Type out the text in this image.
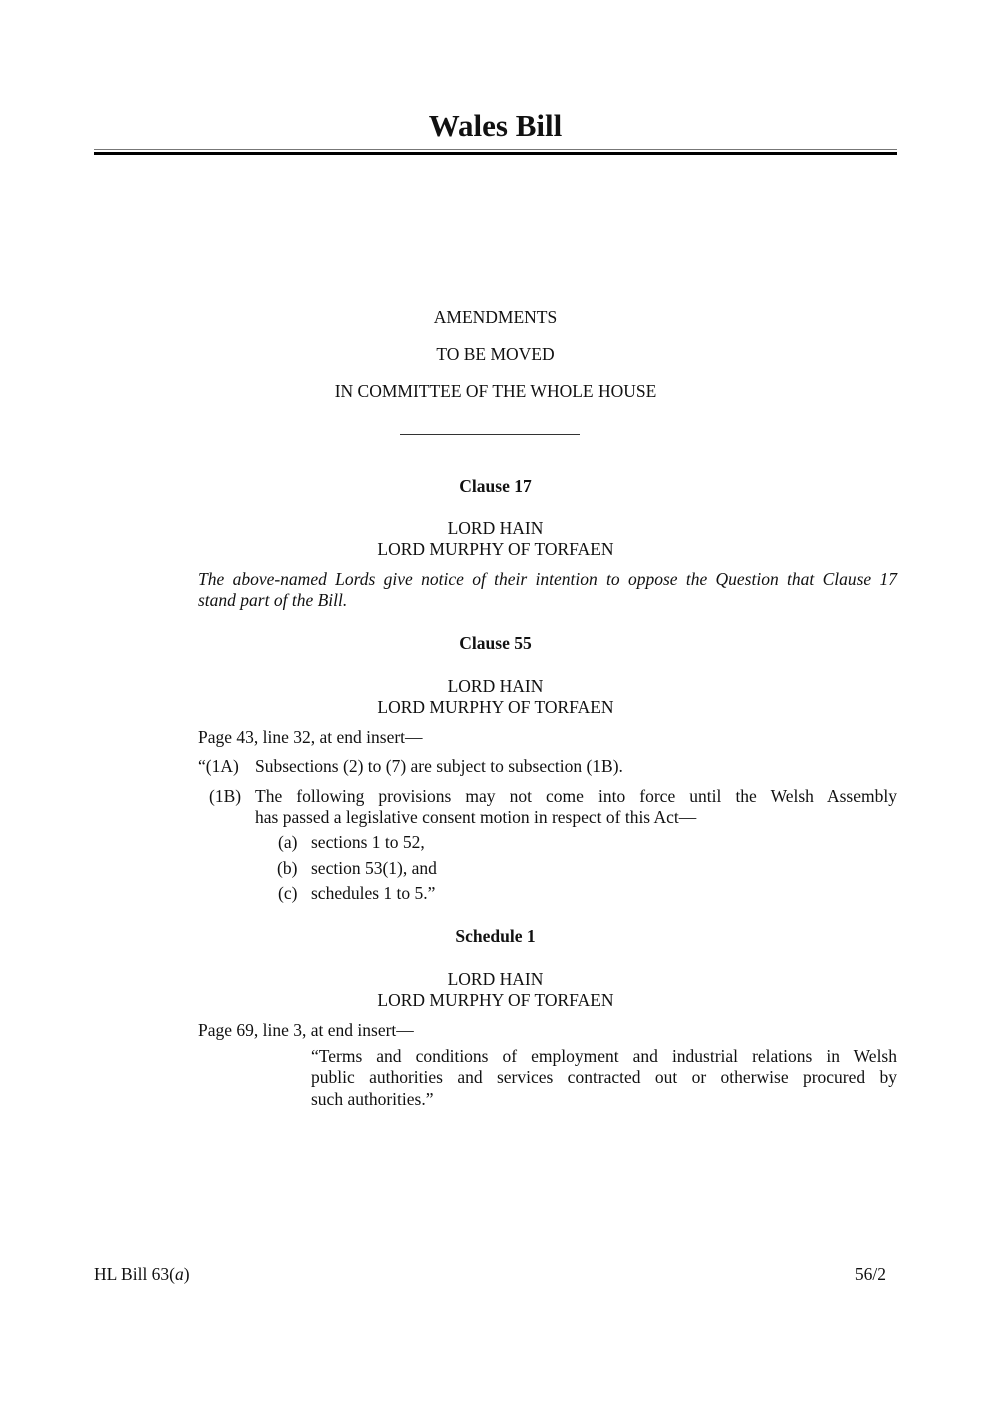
Wales Bill
AMENDMENTS
TO BE MOVED
IN COMMITTEE OF THE WHOLE HOUSE
Clause 17
LORD HAIN
LORD MURPHY OF TORFAEN
The above-named Lords give notice of their intention to oppose the Question that Clause 17
stand part of the Bill.
Clause 55
LORD HAIN
LORD MURPHY OF TORFAEN
Page 43, line 32, at end insert—
“(1A) Subsections (2) to (7) are subject to subsection (1B).
(1B) The following provisions may not come into force until the Welsh Assembly
has passed a legislative consent motion in respect of this Act—
(a) sections 1 to 52,
(b) section 53(1), and
(c) schedules 1 to 5.”
Schedule 1
LORD HAIN
LORD MURPHY OF TORFAEN
Page 69, line 3, at end insert—
“Terms and conditions of employment and industrial relations in Welsh
public authorities and services contracted out or otherwise procured by
such authorities.”
HL Bill 63(a)	56/2
